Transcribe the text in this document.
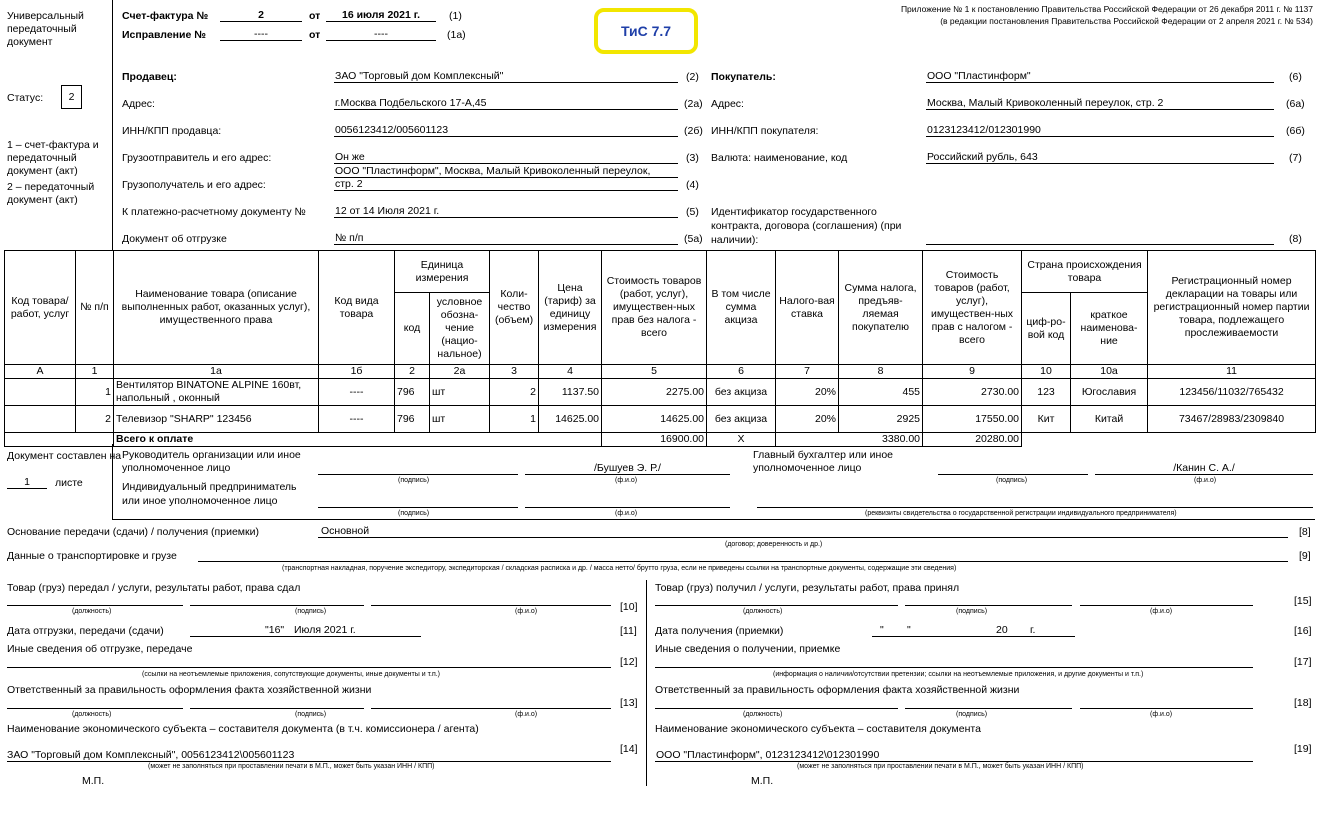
Универсальный передаточный документ
Статус:	2
1 – счет-фактура и передаточный документ (акт)
2 – передаточный документ (акт)
Счет-фактура №	2	от	16 июля 2021 г.	(1)
Исправление №	----	от	----	(1а)	ТиС 7.7
Приложение № 1 к постановлению Правительства Российской Федерации от 26 декабря 2011 г. № 1137
(в редакции постановления Правительства Российской Федерации от 2 апреля 2021 г. № 534)
Продавец:	ЗАО "Торговый дом Комплексный"	(2)
Адрес:	г.Москва Подбельского 17-А,45	(2а)
ИНН/КПП продавца:	0056123412/005601123	(2б)
Грузоотправитель и его адрес:	Он же	(3)
Грузополучатель и его адрес:
ООО "Пластинформ", Москва, Малый Кривоколенный переулок,
стр. 2	(4)
К платежно-расчетному документу №	12 от 14 Июля 2021 г.	(5)
Документ об отгрузке	№ п/п	(5а)
Покупатель:	ООО "Пластинформ"	(6)
Адрес:	Москва, Малый Кривоколенный переулок, стр. 2	(6а)
ИНН/КПП покупателя:	0123123412/012301990	(6б)
Валюта: наименование, код	Российский рубль, 643	(7)
Идентификатор государственного
контракта, договора (соглашения) (при
наличии):	(8)
Код товара/ работ, услуг	№ п/п	Наименование товара (описание выполненных работ, оказанных услуг), имущественного права	Код вида товара	Единица измерения		Коли-чество (объем)	Цена (тариф) за единицу измерения	Стоимость товаров (работ, услуг), имуществен-ных прав без налога - всего	В том числе сумма акциза	Налого-вая ставка	Сумма налога, предъяв-ляемая покупателю	Стоимость товаров (работ, услуг), имуществен-ных прав с налогом - всего	Страна происхождения товара		Регистрационный номер декларации на товары или регистрационный номер партии товара, подлежащего прослеживаемости
				код	условное обозна-чение (нацио-нальное)								циф-ро-вой код	краткое наименова-ние	
А	1	1а	1б	2	2а	3	4	5	6	7	8	9	10	10а	11
	1	Вентилятор BINATONE ALPINE 160вт, напольный , оконный	----	796	шт	2	1137.50	2275.00	без акциза	20%	455	2730.00	123	Югославия	123456/11032/765432
	2	Телевизор "SHARP" 123456	----	796	шт	1	14625.00	14625.00	без акциза	20%	2925	17550.00	Кит	Китай	73467/28983/2309840
		Всего к оплате						16900.00	X	3380.00		20280.00			
Документ составлен на
1	листе
Руководитель организации или иное
уполномоченное лицо	/Бушуев Э. Р./
(подпись)	(ф.и.о)
Индивидуальный предприниматель
или иное уполномоченное лицо
(подпись)	(ф.и.о)
Главный бухгалтер или иное
уполномоченное лицо	/Канин С. А./
(подпись)	(ф.и.о)
(реквизиты свидетельства о государственной регистрации индивидуального предпринимателя)
Основание передачи (сдачи) / получения (приемки)	Основной	[8]
(договор; доверенность и др.)
Данные о транспортировке и грузе	[9]
(транспортная накладная, поручение экспедитору, экспедиторская / складская расписка и др. / масса нетто/ брутто груза, если не приведены ссылки на транспортные документы, содержащие эти сведения)
Товар (груз) передал / услуги, результаты работ, права сдал
[10]
(должность)	(подпись)	(ф.и.о)
Дата отгрузки, передачи (сдачи)	"16" Июля 2021 г.	[11]
Иные сведения об отгрузке, передаче
[12]
(ссылки на неотъемлемые приложения, сопутствующие документы, иные документы и т.п.)
Ответственный за правильность оформления факта хозяйственной жизни
[13]
(должность)	(подпись)	(ф.и.о)
Наименование экономического субъекта – составителя документа (в т.ч. комиссионера / агента)
[14]
ЗАО "Торговый дом Комплексный", 0056123412\005601123
(может не заполняться при проставлении печати в М.П., может быть указан ИНН / КПП)
М.П.
Товар (груз) получил / услуги, результаты работ, права принял
[15]
(должность)	(подпись)	(ф.и.о)
Дата получения (приемки)	" "	20 г.	[16]
Иные сведения о получении, приемке
[17]
(информация о наличии/отсутствии претензии; ссылки на неотъемлемые приложения, и другие документы и т.п.)
Ответственный за правильность оформления факта хозяйственной жизни
[18]
(должность)	(подпись)	(ф.и.о)
Наименование экономического субъекта – составителя документа
[19]
ООО "Пластинформ", 0123123412\012301990
(может не заполняться при проставлении печати в М.П., может быть указан ИНН / КПП)
М.П.
